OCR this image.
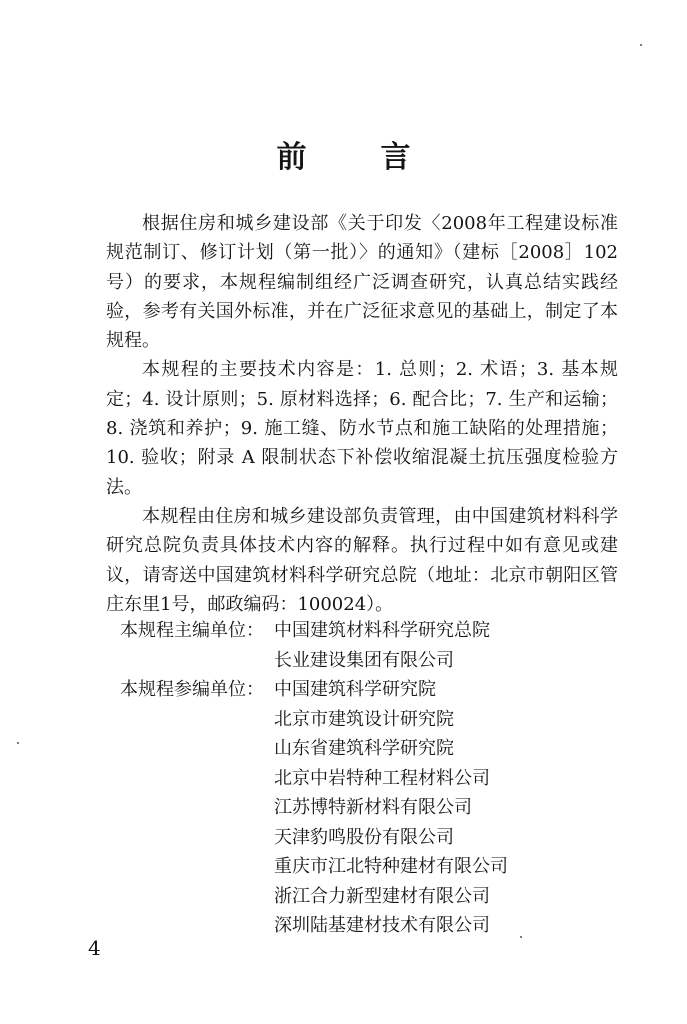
前　言

根据住房和城乡建设部《关于印发〈2008年工程建设标准规范制订、修订计划（第一批）〉的通知》（建标［2008］102号）的要求，本规程编制组经广泛调查研究，认真总结实践经验，参考有关国外标准，并在广泛征求意见的基础上，制定了本规程。

本规程的主要技术内容是：1. 总则；2. 术语；3. 基本规定；4. 设计原则；5. 原材料选择；6. 配合比；7. 生产和运输；8. 浇筑和养护；9. 施工缝、防水节点和施工缺陷的处理措施；10. 验收；附录 A 限制状态下补偿收缩混凝土抗压强度检验方法。

本规程由住房和城乡建设部负责管理，由中国建筑材料科学研究总院负责具体技术内容的解释。执行过程中如有意见或建议，请寄送中国建筑材料科学研究总院（地址：北京市朝阳区管庄东里1号，邮政编码：100024）。

本规程主编单位： 中国建筑材料科学研究总院
长业建设集团有限公司
本规程参编单位： 中国建筑科学研究院
北京市建筑设计研究院
山东省建筑科学研究院
北京中岩特种工程材料公司
江苏博特新材料有限公司
天津豹鸣股份有限公司
重庆市江北特种建材有限公司
浙江合力新型建材有限公司
深圳陆基建材技术有限公司
4
